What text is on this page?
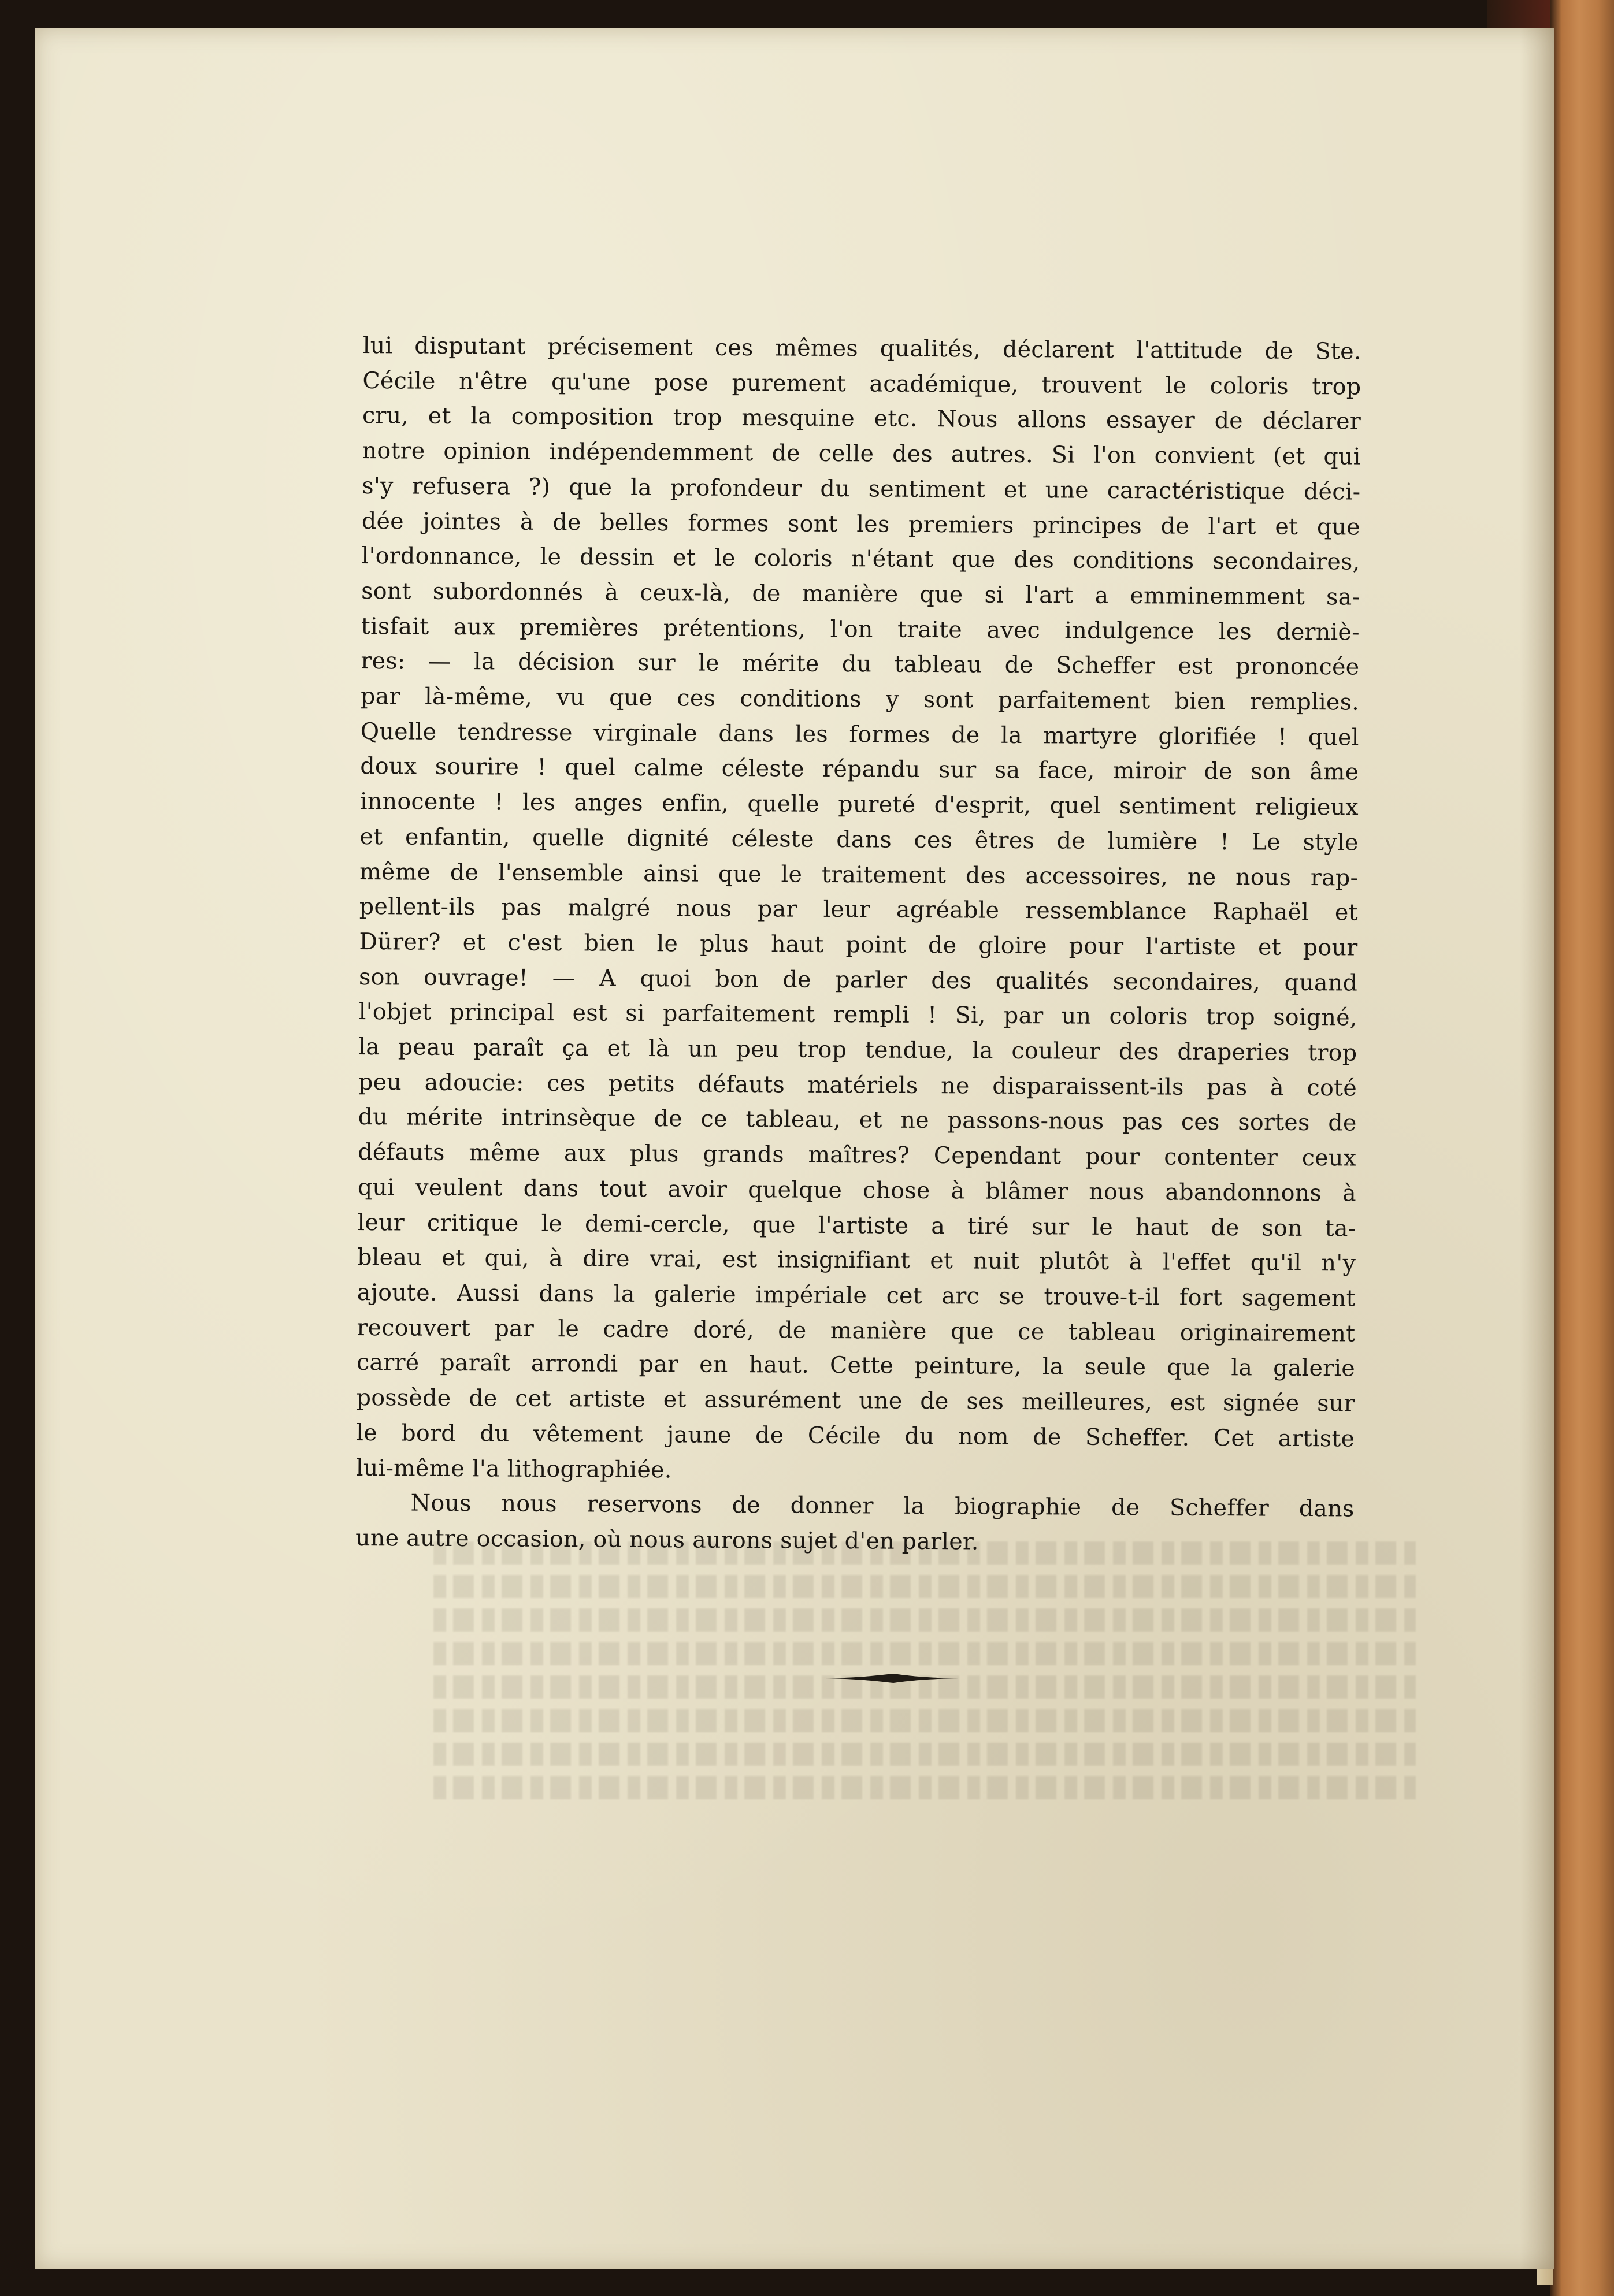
lui disputant précisement ces mêmes qualités, déclarent l'attitude de Ste.
Cécile n'être qu'une pose purement académique, trouvent le coloris trop
cru, et la composition trop mesquine etc. Nous allons essayer de déclarer
notre opinion indépendemment de celle des autres. Si l'on convient (et qui
s'y refusera ?) que la profondeur du sentiment et une caractéristique déci-
dée jointes à de belles formes sont les premiers principes de l'art et que
l'ordonnance, le dessin et le coloris n'étant que des conditions secondaires,
sont subordonnés à ceux-là, de manière que si l'art a emminemment sa-
tisfait aux premières prétentions, l'on traite avec indulgence les derniè-
res: — la décision sur le mérite du tableau de Scheffer est prononcée
par là-même, vu que ces conditions y sont parfaitement bien remplies.
Quelle tendresse virginale dans les formes de la martyre glorifiée ! quel
doux sourire ! quel calme céleste répandu sur sa face, miroir de son âme
innocente ! les anges enfin, quelle pureté d'esprit, quel sentiment religieux
et enfantin, quelle dignité céleste dans ces êtres de lumière ! Le style
même de l'ensemble ainsi que le traitement des accessoires, ne nous rap-
pellent-ils pas malgré nous par leur agréable ressemblance Raphaël et
Dürer? et c'est bien le plus haut point de gloire pour l'artiste et pour
son ouvrage! — A quoi bon de parler des qualités secondaires, quand
l'objet principal est si parfaitement rempli ! Si, par un coloris trop soigné,
la peau paraît ça et là un peu trop tendue, la couleur des draperies trop
peu adoucie: ces petits défauts matériels ne disparaissent-ils pas à coté
du mérite intrinsèque de ce tableau, et ne passons-nous pas ces sortes de
défauts même aux plus grands maîtres? Cependant pour contenter ceux
qui veulent dans tout avoir quelque chose à blâmer nous abandonnons à
leur critique le demi-cercle, que l'artiste a tiré sur le haut de son ta-
bleau et qui, à dire vrai, est insignifiant et nuit plutôt à l'effet qu'il n'y
ajoute. Aussi dans la galerie impériale cet arc se trouve-t-il fort sagement
recouvert par le cadre doré, de manière que ce tableau originairement
carré paraît arrondi par en haut. Cette peinture, la seule que la galerie
possède de cet artiste et assurément une de ses meilleures, est signée sur
le bord du vêtement jaune de Cécile du nom de Scheffer. Cet artiste
lui-même l'a lithographiée.
Nous nous reservons de donner la biographie de Scheffer dans
une autre occasion, où nous aurons sujet d'en parler.
